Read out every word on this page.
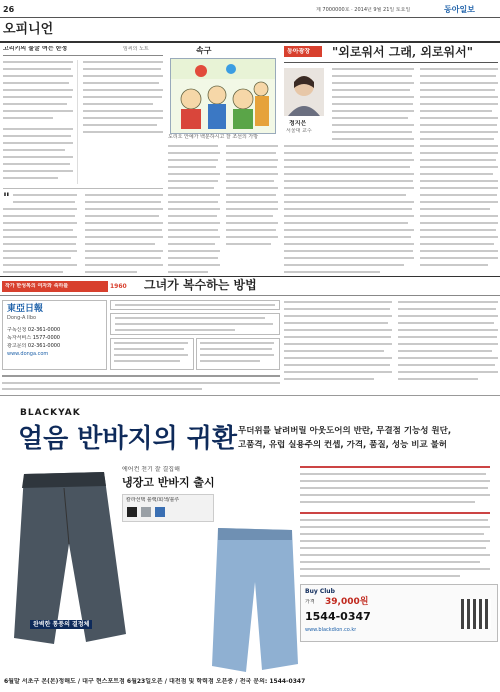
26	제 7000000호 · 2014년 9월 21일 토요일	동아일보
오피니언
고리키의 불굴 여는 한정	임씨의 노트
"
속구
도리오 안예가 백분하시고 잘 조선의 가방
동아광장 "외로워서 그래, 외로워서"
정지은
서울대 교수
東亞日報
Dong-A Ilbo
구독신청 02-361-0000
독자서비스 1577-0000
광고문의 02-361-0000
www.donga.com
작가 한성복의 여자와 속하를	1960 그녀가 복수하는 방법
BLACKYAK
얼음 반바지의 귀환 무더위를 날려버릴 아웃도어의 반란, 무결점 기능성 원단,
고품격, 유럽 실용주의 컨셉, 가격, 품질, 성능 비교 불허
에어컨 천기 잘 결집해
냉장고 반바지 출시
칼라선택 블랙/회색/블루
완벽한 통풍의 결정체
Buy Club
가격 39,000원
1544-0347
www.blackdion.co.kr
6월말 서초구 본(본)정해도 / 대구 현스포트점 6월23일오픈 / 대전점 및 학력점 오픈중 / 전국 문의: 1544-0347
